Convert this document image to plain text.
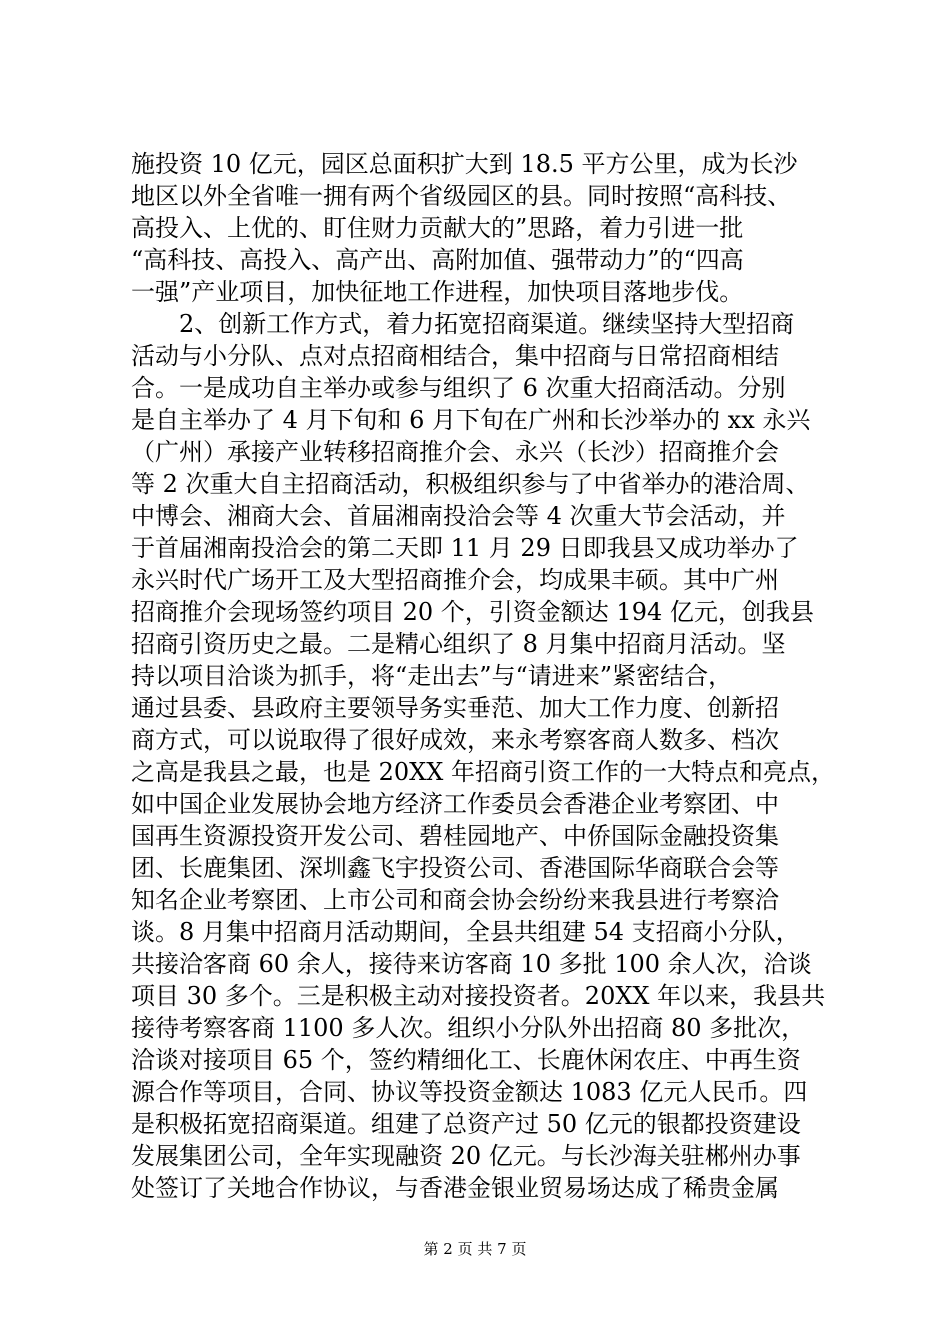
施投资 10 亿元，园区总面积扩大到 18.5 平方公里，成为长沙
地区以外全省唯一拥有两个省级园区的县。同时按照“高科技、
高投入、上优的、盯住财力贡献大的”思路，着力引进一批
“高科技、高投入、高产出、高附加值、强带动力”的“四高
一强”产业项目，加快征地工作进程，加快项目落地步伐。
2、创新工作方式，着力拓宽招商渠道。继续坚持大型招商
活动与小分队、点对点招商相结合，集中招商与日常招商相结
合。一是成功自主举办或参与组织了 6 次重大招商活动。分别
是自主举办了 4 月下旬和 6 月下旬在广州和长沙举办的 xx 永兴
（广州）承接产业转移招商推介会、永兴（长沙）招商推介会
等 2 次重大自主招商活动，积极组织参与了中省举办的港洽周、
中博会、湘商大会、首届湘南投洽会等 4 次重大节会活动，并
于首届湘南投洽会的第二天即 11 月 29 日即我县又成功举办了
永兴时代广场开工及大型招商推介会，均成果丰硕。其中广州
招商推介会现场签约项目 20 个，引资金额达 194 亿元，创我县
招商引资历史之最。二是精心组织了 8 月集中招商月活动。坚
持以项目洽谈为抓手，将“走出去”与“请进来”紧密结合，
通过县委、县政府主要领导务实垂范、加大工作力度、创新招
商方式，可以说取得了很好成效，来永考察客商人数多、档次
之高是我县之最，也是 20XX 年招商引资工作的一大特点和亮点，
如中国企业发展协会地方经济工作委员会香港企业考察团、中
国再生资源投资开发公司、碧桂园地产、中侨国际金融投资集
团、长鹿集团、深圳鑫飞宇投资公司、香港国际华商联合会等
知名企业考察团、上市公司和商会协会纷纷来我县进行考察洽
谈。8 月集中招商月活动期间，全县共组建 54 支招商小分队，
共接洽客商 60 余人，接待来访客商 10 多批 100 余人次，洽谈
项目 30 多个。三是积极主动对接投资者。20XX 年以来，我县共
接待考察客商 1100 多人次。组织小分队外出招商 80 多批次，
洽谈对接项目 65 个，签约精细化工、长鹿休闲农庄、中再生资
源合作等项目，合同、协议等投资金额达 1083 亿元人民币。四
是积极拓宽招商渠道。组建了总资产过 50 亿元的银都投资建设
发展集团公司，全年实现融资 20 亿元。与长沙海关驻郴州办事
处签订了关地合作协议，与香港金银业贸易场达成了稀贵金属
第 2 页 共 7 页
